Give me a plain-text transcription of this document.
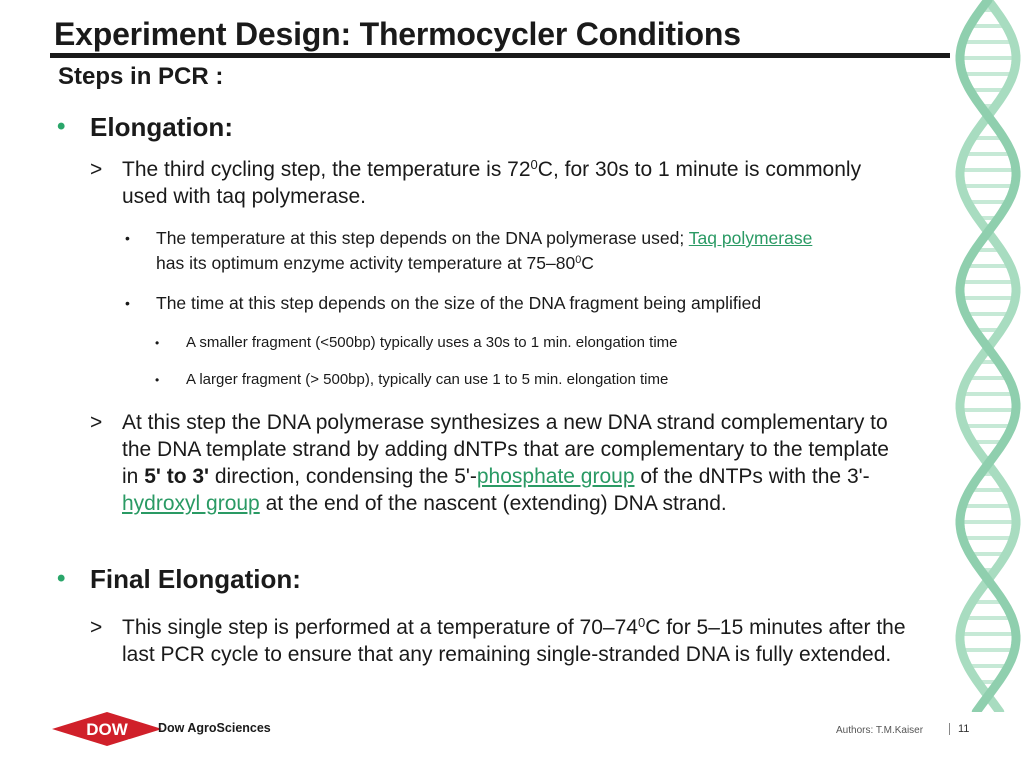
Experiment Design: Thermocycler Conditions
Steps in PCR :
• Elongation:
> The third cycling step, the temperature is $72^0C$, for 30s to 1 minute is commonly used with taq polymerase.
•	The temperature at this step depends on the DNA polymerase used; Taq polymerase has its optimum enzyme activity temperature at $75-80^0C$
•	The time at this step depends on the size of the DNA fragment being amplified
•	A smaller fragment (<500bp) typically uses a 30s to 1 min. elongation time
•	A larger fragment (> 500bp), typically can use 1 to 5 min. elongation time
> At this step the DNA polymerase synthesizes a new DNA strand complementary to the DNA template strand by adding dNTPs that are complementary to the template in 5' to 3' direction, condensing the 5'-phosphate group of the dNTPs with the 3'-hydroxyl group at the end of the nascent (extending) DNA strand.
• Final Elongation:
> This single step is performed at a temperature of $70-74^0C$ for 5–15 minutes after the last PCR cycle to ensure that any remaining single-stranded DNA is fully extended.
DOW
®
Dow AgroSciences	Authors: T.M.Kaiser	11
